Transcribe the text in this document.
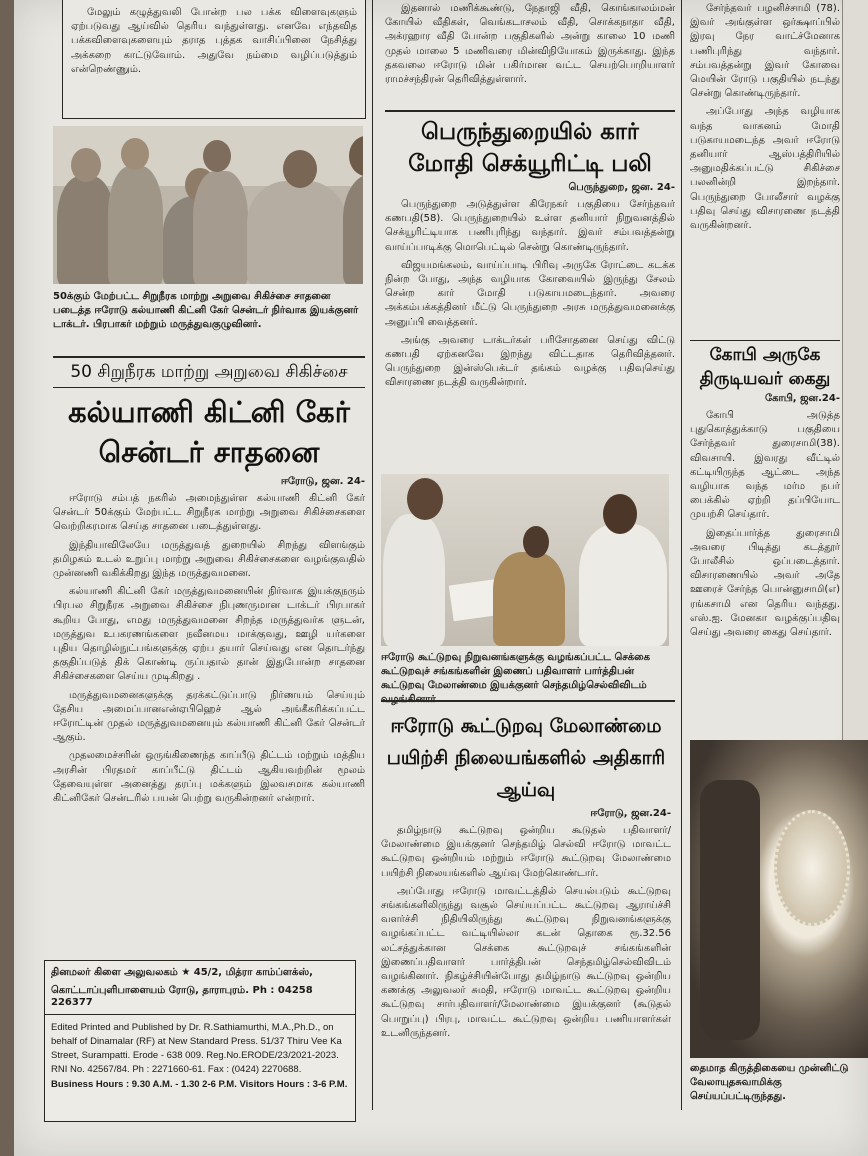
மேலும் கழுத்துவலி போன்ற பல பக்க விளைவுகளும் ஏற்படுவது ஆய்வில் தெரிய வந்துள்ளது. எனவே எந்தவித பக்கவிளைவுகளையும் தராத புத்தக வாசிப்பினை நேசித்து அக்கறை காட்டுவோம். அதுவே நம்மை வழிப்படுத்தும் என்றெண்ணும்.

50க்கும் மேற்பட்ட சிறுநீரக மாற்று அறுவை சிகிச்சை சாதனை படைத்த ஈரோடு கல்யாணி கிட்னி கேர் சென்டர் நிர்வாக இயக்குனர் டாக்டர். பிரபாகர் மற்றும் மருத்துவகுழுவினர்.

50 சிறுநீரக மாற்று அறுவை சிகிச்சை
கல்யாணி கிட்னி கேர் சென்டர் சாதனை
ஈரோடு, ஜன. 24-

ஈரோடு சம்பத் நகரில் அமைந்துள்ள கல்யாணி கிட்னி கேர் சென்டர் 50க்கும் மேற்பட்ட சிறுநீரக மாற்று அறுவை சிகிச்சைகளை வெற்றிகரமாக செய்த சாதனை படைத்துள்ளது.

இந்தியாவிலேயே மருத்துவத் துறையில் சிறந்து விளங்கும் தமிழகம் உடல் உறுப்பு மாற்று அறுவை சிகிச்சைகளை வழங்குவதில் முன்னணி வகிக்கிறது இந்த மருத்துவமனை.

கல்யாணி கிட்னி கேர் மருத்துவமனையின் நிர்வாக இயக்குநரும் பிரபல சிறுநீரக அறுவை சிகிச்சை நிபுணருமான டாக்டர் பிரபாகர் கூறிய போது, எமது மருத்துவமனை சிறந்த மருத்துவர்க ளுடன், மருத்துவ உபகரணங்களை நவீனமய மாக்குவது, ஊழி யர்களை புதிய தொழில்நுட்பங்களுக்கு ஏற்ப தயார் செய்வது என தொடர்ந்து தகுதிப்படுத் திக் கொண்டி ருப்பதால் தான் இதுபோன்ற சாதனை சிகிச்சைகளை செய்ய முடிகிறது .

மருத்துவமனைகளுக்கு தரக்கட்டுப்பாடு நிர்ணயம் செய்யும் தேசிய அமைப்பானஎன்ஏபிஹெச் ஆல் அங்கீகரிக்கப்பட்ட ஈரோட்டின் முதல் மருத்துவமனையும் கல்யாணி கிட்னி கேர் சென்டர் ஆகும்.

முதலமைச்சரின் ஒருங்கிணைந்த காப்பீடு திட்டம் மற்றும் மத்திய அரசின் பிரதமர் காப்பீட்டு திட்டம் ஆகியவற்றின் மூலம் தேவையுள்ள அனைத்து தரப்பு மக்களும் இலவசமாக கல்யாணி கிட்னிகேர் சென்டரில் பயன் பெற்று வருகின்றனர் என்றார்.

தினமலர் கிளை அலுவலகம் ★ 45/2, மித்ரா காம்ப்ளக்ஸ்,
கொட்டாப்புளிபாளையம் ரோடு, தாராபுரம். Ph : 04258 226377
Edited Printed and Published by Dr. R.Sathiamurthi, M.A.,Ph.D., on behalf of Dinamalar (RF) at New Standard Press. 51/37 Thiru Vee Ka Street, Surampatti. Erode - 638 009. Reg.No.ERODE/23/2021-2023. RNI No. 42567/84. Ph : 2271660-61. Fax : (0424) 2270688.
Business Hours : 9.30 A.M. - 1.30 2-6 P.M. Visitors Hours : 3-6 P.M.

இதனால் மணிக்கூண்டு, நேதாஜி வீதி, கொங்காலம்மன் கோயில் வீதிகள், வெங்கடாசலம் வீதி, சொக்கநாதா வீதி, அக்ரஹார வீதி போன்ற பகுதிகளில் அன்று காலை 10 மணி முதல் மாலை 5 மணிவரை மின்விநியோகம் இருக்காது. இந்த தகவலை ஈரோடு மின் பகிர்மான வட்ட செயற்பொறியாளர் ராமச்சந்திரன் தெரிவித்துள்ளார்.

பெருந்துறையில் கார் மோதி செக்யூரிட்டி பலி
பெருந்துறை, ஜன. 24-

பெருந்துறை அடுத்துள்ள கிரேநகர் பகுதியை சேர்ந்தவர் கணபதி(58). பெருந்துறையில் உள்ள தனியார் நிறுவனத்தில் செக்யூரிட்டியாக பணிபுரிந்து வந்தார். இவர் சம்பவத்தன்று வாய்ப்பாடிக்கு மொபெட்டில் சென்று கொண்டிருந்தார்.

விஜயமங்கலம், வாய்ப்பாடி பிரிவு அருகே ரோட்டை கடக்க நின்ற போது, அந்த வழியாக கோவையில் இருந்து சேலம் சென்ற கார் மோதி படுகாயமடைந்தார். அவரை அக்கம்பக்கத்தினர் மீட்டு பெருந்துறை அரசு மருத்துவமனைக்கு அனுப்பி வைத்தனர்.

அங்கு அவரை டாக்டர்கள் பரிசோதனை செய்து விட்டு கணபதி ஏற்கனவே இறந்து விட்டதாக தெரிவித்தனர். பெருந்துறை இன்ஸ்பெக்டர் தங்கம் வழக்கு பதிவுசெய்து விசாரணை நடத்தி வருகின்றார்.

ஈரோடு கூட்டுறவு நிறுவனங்களுக்கு வழங்கப்பட்ட செக்கை கூட்டுறவுச் சங்கங்களின் இணைப் பதிவாளர் பார்த்திபன் கூட்டுறவு மேலாண்மை இயக்குனர் செந்தமிழ்செல்விவிடம்

ஈரோடு கூட்டுறவு மேலாண்மை பயிற்சி நிலையங்களில் அதிகாரி ஆய்வு
ஈரோடு, ஜன.24-

தமிழ்நாடு கூட்டுறவு ஒன்றிய கூடுதல் பதிவாளர்/மேலாண்மை இயக்குனர் செந்தமிழ் செல்வி ஈரோடு மாவட்ட கூட்டுறவு ஒன்றியம் மற்றும் ஈரோடு கூட்டுறவு மேலாண்மை பயிற்சி நிலையங்களில் ஆய்வு மேற்கொண்டார்.

அப்போது ஈரோடு மாவட்டத்தில் செயல்படும் கூட்டுறவு சங்கங்களிலிருந்து வசூல் செய்யப்பட்ட கூட்டுறவு ஆராய்ச்சி வளர்ச்சி நிதியிலிருந்து கூட்டுறவு நிறுவனங்களுக்கு வழங்கப்பட்ட வட்டியில்லா கடன் தொகை ரூ.32.56 லட்சத்துக்கான செக்கை கூட்டுறவுச் சங்கங்களின் இணைப்பதிவாளர் பார்த்திபன் செந்தமிழ்செல்விவிடம் வழங்கினார். நிகழ்ச்சியின்போது தமிழ்நாடு கூட்டுறவு ஒன்றிய கணக்கு அலுவலர் சுமதி, ஈரோடு மாவட்ட கூட்டுறவு ஒன்றிய கூட்டுறவு சார்பதிவாளர்/மேலாண்மை இயக்குனர் (கூடுதல் பொறுப்பு) பிரபு, மாவட்ட கூட்டுறவு ஒன்றிய பணியாளர்கள் உடனிருந்தனர்.

சேர்ந்தவர் பழனிச்சாமி (78). இவர் அங்குள்ள ஒர்க்ஷாப்பில் இரவு நேர வாட்ச்மேனாக பணிபுரிந்து வந்தார். சம்பவத்தன்று இவர் கோவை மெயின் ரோடு பகுதியில் நடந்து சென்று கொண்டிருந்தார்.

அப்போது அந்த வழியாக வந்த வாகனம் மோதி படுகாயமடைந்த அவர் ஈரோடு தனியார் ஆஸ்பத்திரியில் அனுமதிக்கப்பட்டு சிகிச்சை பலனின்றி இறந்தார். பெருந்துறை போலீசார் வழக்கு பதிவு செய்து விசாரணை நடத்தி வருகின்றனர்.

கோபி அருகே திருடியவர் கைது
கோபி, ஜன.24-

கோபி அடுத்த புதுகொத்துக்காடு பகுதியை சேர்ந்தவர் துரைசாமி(38). விவசாயி. இவரது வீட்டில் கட்டியிருந்த ஆட்டை அந்த வழியாக வந்த மர்ம நபர் பைக்கில் ஏற்றி தப்பியோட முயற்சி செய்தார்.

இதைப்பார்த்த துரைசாமி அவரை பிடித்து கடத்தூர் போலீசில் ஒப்படைத்தார். விசாரணையில் அவர் அதே ஊரைச் சேர்ந்த பொன்னுசாமி(எ) ரங்கசாமி என தெரிய வந்தது. எஸ்.ஐ. மேனகா வழக்குப்பதிவு செய்து அவரை கைது செய்தார்.

தைமாத கிருத்திகையை முன்னிட்டு வேலாயுதசுவாமிக்கு செய்யப்பட்டிருந்தது.
